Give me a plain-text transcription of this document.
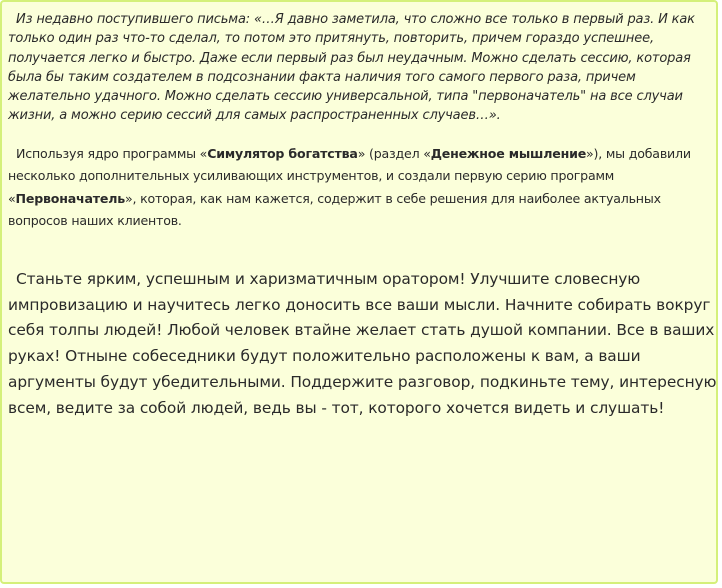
Из недавно поступившего письма: «…Я давно заметила, что сложно все только в первый раз. И как только один раз что-то сделал, то потом это притянуть, повторить, причем гораздо успешнее, получается легко и быстро. Даже если первый раз был неудачным. Можно сделать сессию, которая была бы таким создателем в подсознании факта наличия того самого первого раза, причем желательно удачного. Можно сделать сессию универсальной, типа "первоначатель" на все случаи жизни, а можно серию сессий для самых распространенных случаев…».

Используя ядро программы «Симулятор богатства» (раздел «Денежное мышление»), мы добавили несколько дополнительных усиливающих инструментов, и создали первую серию программ «Первоначатель», которая, как нам кажется, содержит в себе решения для наиболее актуальных вопросов наших клиентов.

Станьте ярким, успешным и харизматичным оратором! Улучшите словесную импровизацию и научитесь легко доносить все ваши мысли. Начните собирать вокруг себя толпы людей! Любой человек втайне желает стать душой компании. Все в ваших руках! Отныне собеседники будут положительно расположены к вам, а ваши аргументы будут убедительными. Поддержите разговор, подкиньте тему, интересную всем, ведите за собой людей, ведь вы - тот, которого хочется видеть и слушать!
